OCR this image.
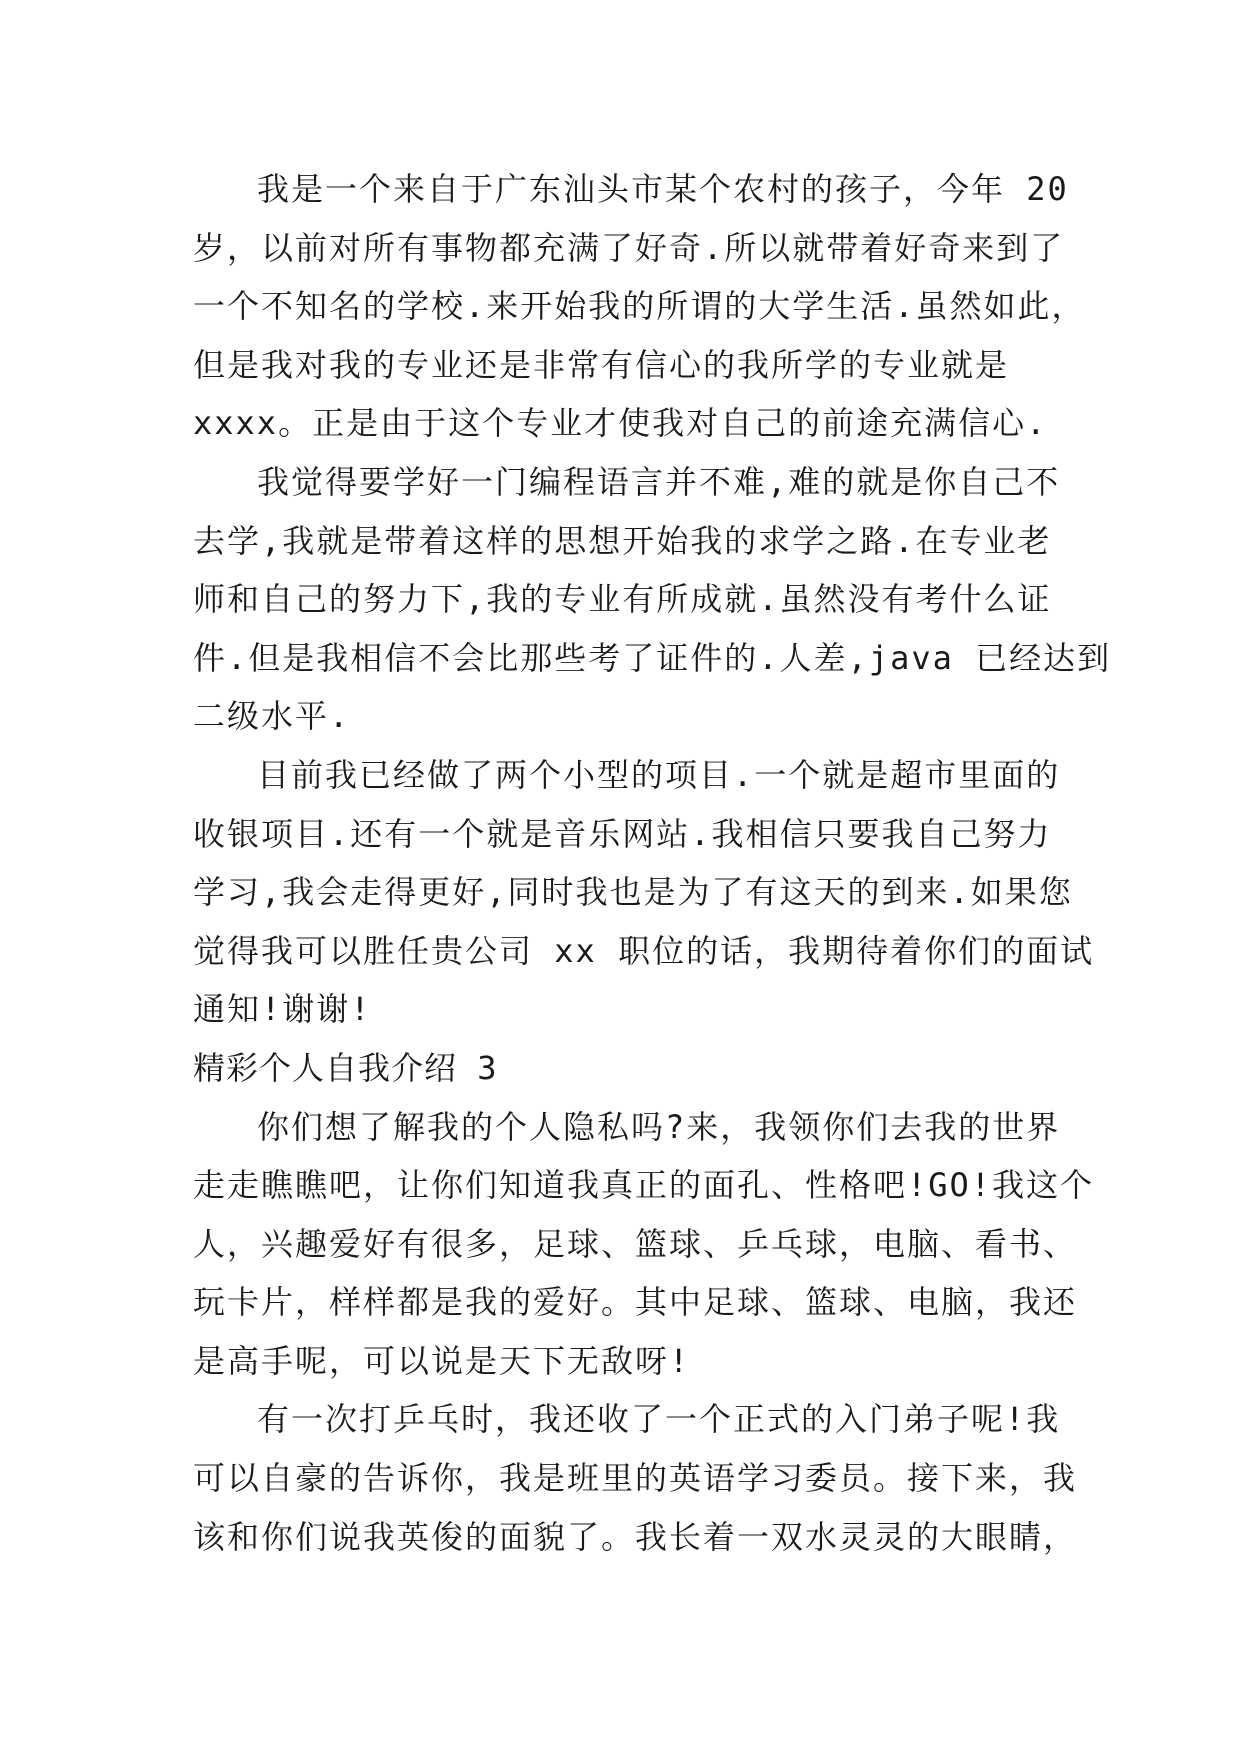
我是一个来自于广东汕头市某个农村的孩子，今年 20
岁，以前对所有事物都充满了好奇.所以就带着好奇来到了
一个不知名的学校.来开始我的所谓的大学生活.虽然如此，
但是我对我的专业还是非常有信心的我所学的专业就是
xxxx。正是由于这个专业才使我对自己的前途充满信心.
我觉得要学好一门编程语言并不难,难的就是你自己不
去学,我就是带着这样的思想开始我的求学之路.在专业老
师和自己的努力下,我的专业有所成就.虽然没有考什么证
件.但是我相信不会比那些考了证件的.人差,java 已经达到
二级水平.
目前我已经做了两个小型的项目.一个就是超市里面的
收银项目.还有一个就是音乐网站.我相信只要我自己努力
学习,我会走得更好,同时我也是为了有这天的到来.如果您
觉得我可以胜任贵公司 xx 职位的话，我期待着你们的面试
通知!谢谢!
精彩个人自我介绍 3
你们想了解我的个人隐私吗?来，我领你们去我的世界
走走瞧瞧吧，让你们知道我真正的面孔、性格吧!GO!我这个
人，兴趣爱好有很多，足球、篮球、乒乓球，电脑、看书、
玩卡片，样样都是我的爱好。其中足球、篮球、电脑，我还
是高手呢，可以说是天下无敌呀!
有一次打乒乓时，我还收了一个正式的入门弟子呢!我
可以自豪的告诉你，我是班里的英语学习委员。接下来，我
该和你们说我英俊的面貌了。我长着一双水灵灵的大眼睛，
